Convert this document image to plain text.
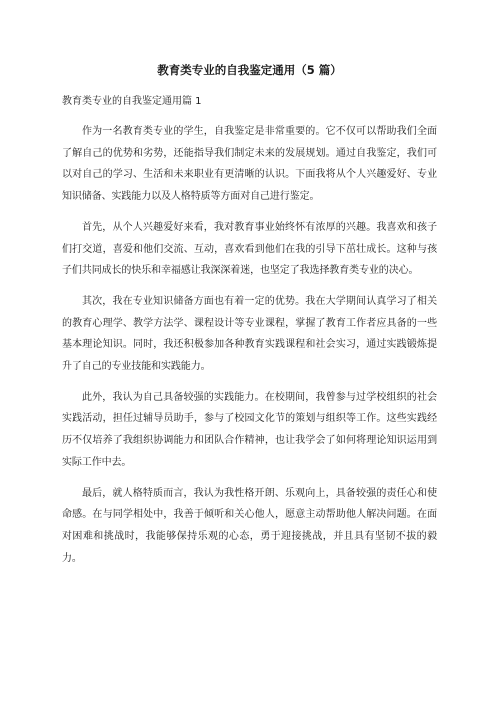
教育类专业的自我鉴定通用（5 篇）
教育类专业的自我鉴定通用篇 1

作为一名教育类专业的学生，自我鉴定是非常重要的。它不仅可以帮助我们全面了解自己的优势和劣势，还能指导我们制定未来的发展规划。通过自我鉴定，我们可以对自己的学习、生活和未来职业有更清晰的认识。下面我将从个人兴趣爱好、专业知识储备、实践能力以及人格特质等方面对自己进行鉴定。

首先，从个人兴趣爱好来看，我对教育事业始终怀有浓厚的兴趣。我喜欢和孩子们打交道，喜爱和他们交流、互动，喜欢看到他们在我的引导下茁壮成长。这种与孩子们共同成长的快乐和幸福感让我深深着迷，也坚定了我选择教育类专业的决心。

其次，我在专业知识储备方面也有着一定的优势。我在大学期间认真学习了相关的教育心理学、教学方法学、课程设计等专业课程，掌握了教育工作者应具备的一些基本理论知识。同时，我还积极参加各种教育实践课程和社会实习，通过实践锻炼提升了自己的专业技能和实践能力。

此外，我认为自己具备较强的实践能力。在校期间，我曾参与过学校组织的社会实践活动，担任过辅导员助手，参与了校园文化节的策划与组织等工作。这些实践经历不仅培养了我组织协调能力和团队合作精神，也让我学会了如何将理论知识运用到实际工作中去。

最后，就人格特质而言，我认为我性格开朗、乐观向上，具备较强的责任心和使命感。在与同学相处中，我善于倾听和关心他人，愿意主动帮助他人解决问题。在面对困难和挑战时，我能够保持乐观的心态，勇于迎接挑战，并且具有坚韧不拔的毅力。
